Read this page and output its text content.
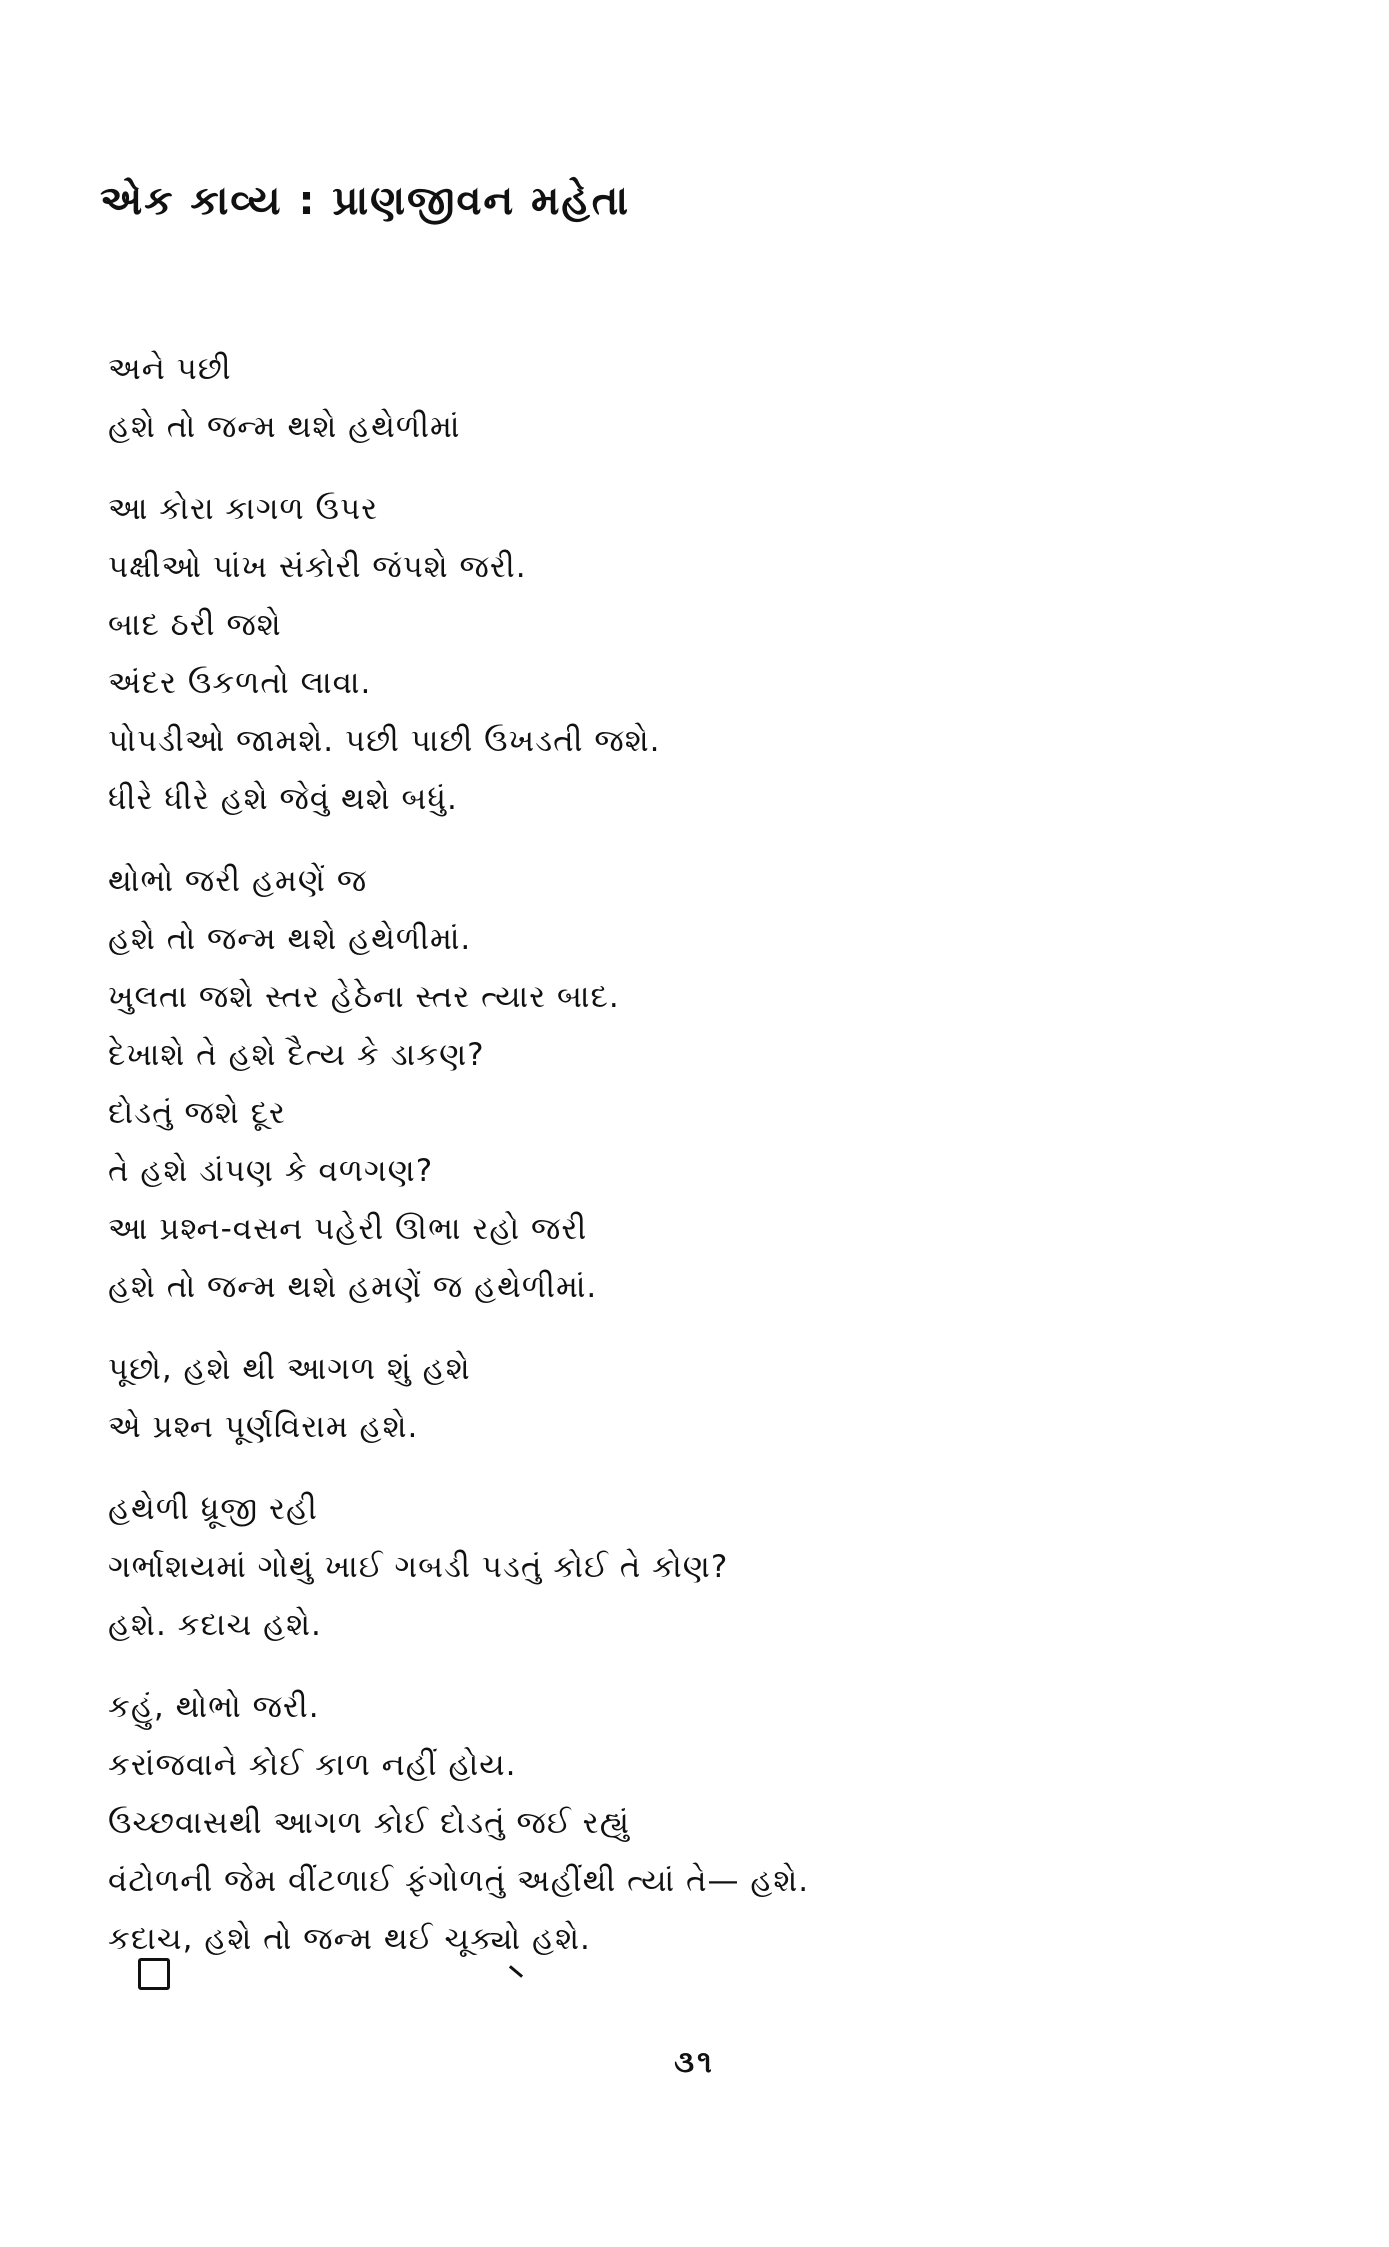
એક કાવ્ય : પ્રાણજીવન મહેતા
અને પછી
હશે તો જન્મ થશે હથેળીમાં
આ કોરા કાગળ ઉપર
પક્ષીઓ પાંખ સંકોરી જંપશે જરી.
બાદ ઠરી જશે
અંદર ઉકળતો લાવા.
પોપડીઓ જામશે. પછી પાછી ઉખડતી જશે.
ધીરે ધીરે હશે જેવું થશે બધું.
થોભો જરી હમણેં જ
હશે તો જન્મ થશે હથેળીમાં.
ખુલતા જશે સ્તર હેઠેના સ્તર ત્યાર બાદ.
દેખાશે તે હશે દૈત્ય કે ડાકણ?
દોડતું જશે દૂર
તે હશે ડાંપણ કે વળગણ?
આ પ્રશ્ન-વસન પહેરી ઊભા રહો જરી
હશે તો જન્મ થશે હમણેં જ હથેળીમાં.
પૂછો, હશે થી આગળ શું હશે
એ પ્રશ્ન પૂર્ણવિરામ હશે.
હથેળી ધ્રૂજી રહી
ગર્ભાશયમાં ગોથું ખાઈ ગબડી પડતું કોઈ તે કોણ?
હશે. કદાચ હશે.
કહું, થોભો જરી.
કરાંજવાને કોઈ કાળ નહીં હોય.
ઉચ્છવાસથી આગળ કોઈ દોડતું જઈ રહ્યું
વંટોળની જેમ વીંટળાઈ ફંગોળતું અહીંથી ત્યાં તે— હશે.
કદાચ, હશે તો જન્મ થઈ ચૂક્યો હશે.
૩૧
